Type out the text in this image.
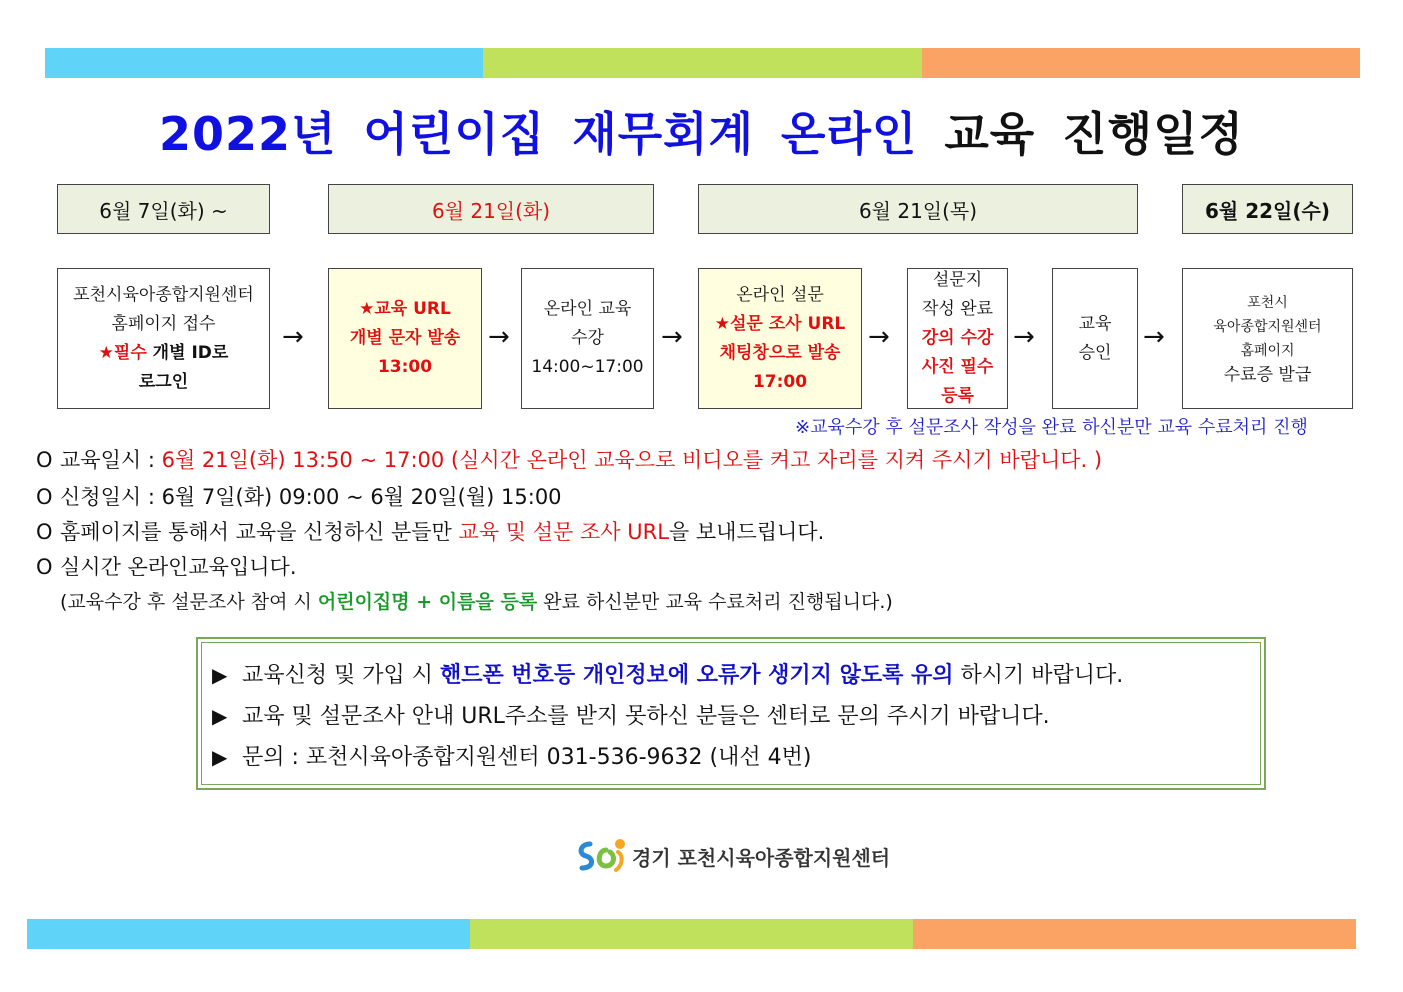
2022년 어린이집 재무회계 온라인 교육 진행일정
6월 7일(화) ~	6월 21일(화)	6월 21일(목)	6월 22일(수)
포천시육아종합지원센터
홈페이지 접수
★필수 개별 ID로
로그인
→
★교육 URL
개별 문자 발송
13:00
→
온라인 교육
수강
14:00~17:00
→
온라인 설문
★설문 조사 URL
채팅창으로 발송
17:00
→
설문지
작성 완료
강의 수강
사진 필수
등록
→	교육
승인
→
포천시
육아종합지원센터
홈페이지
수료증 발급
※교육수강 후 설문조사 작성을 완료 하신분만 교육 수료처리 진행
O 교육일시 : 6월 21일(화) 13:50 ~ 17:00 (실시간 온라인 교육으로 비디오를 켜고 자리를 지켜 주시기 바랍니다. )
O 신청일시 : 6월 7일(화) 09:00 ~ 6월 20일(월) 15:00
O 홈페이지를 통해서 교육을 신청하신 분들만 교육 및 설문 조사 URL을 보내드립니다.
O 실시간 온라인교육입니다.
(교육수강 후 설문조사 참여 시 어린이집명 + 이름을 등록 완료 하신분만 교육 수료처리 진행됩니다.)
▶ 교육신청 및 가입 시 핸드폰 번호등 개인정보에 오류가 생기지 않도록 유의 하시기 바랍니다.
▶ 교육 및 설문조사 안내 URL주소를 받지 못하신 분들은 센터로 문의 주시기 바랍니다.
▶ 문의 : 포천시육아종합지원센터 031-536-9632 (내선 4번)
경기 포천시육아종합지원센터
